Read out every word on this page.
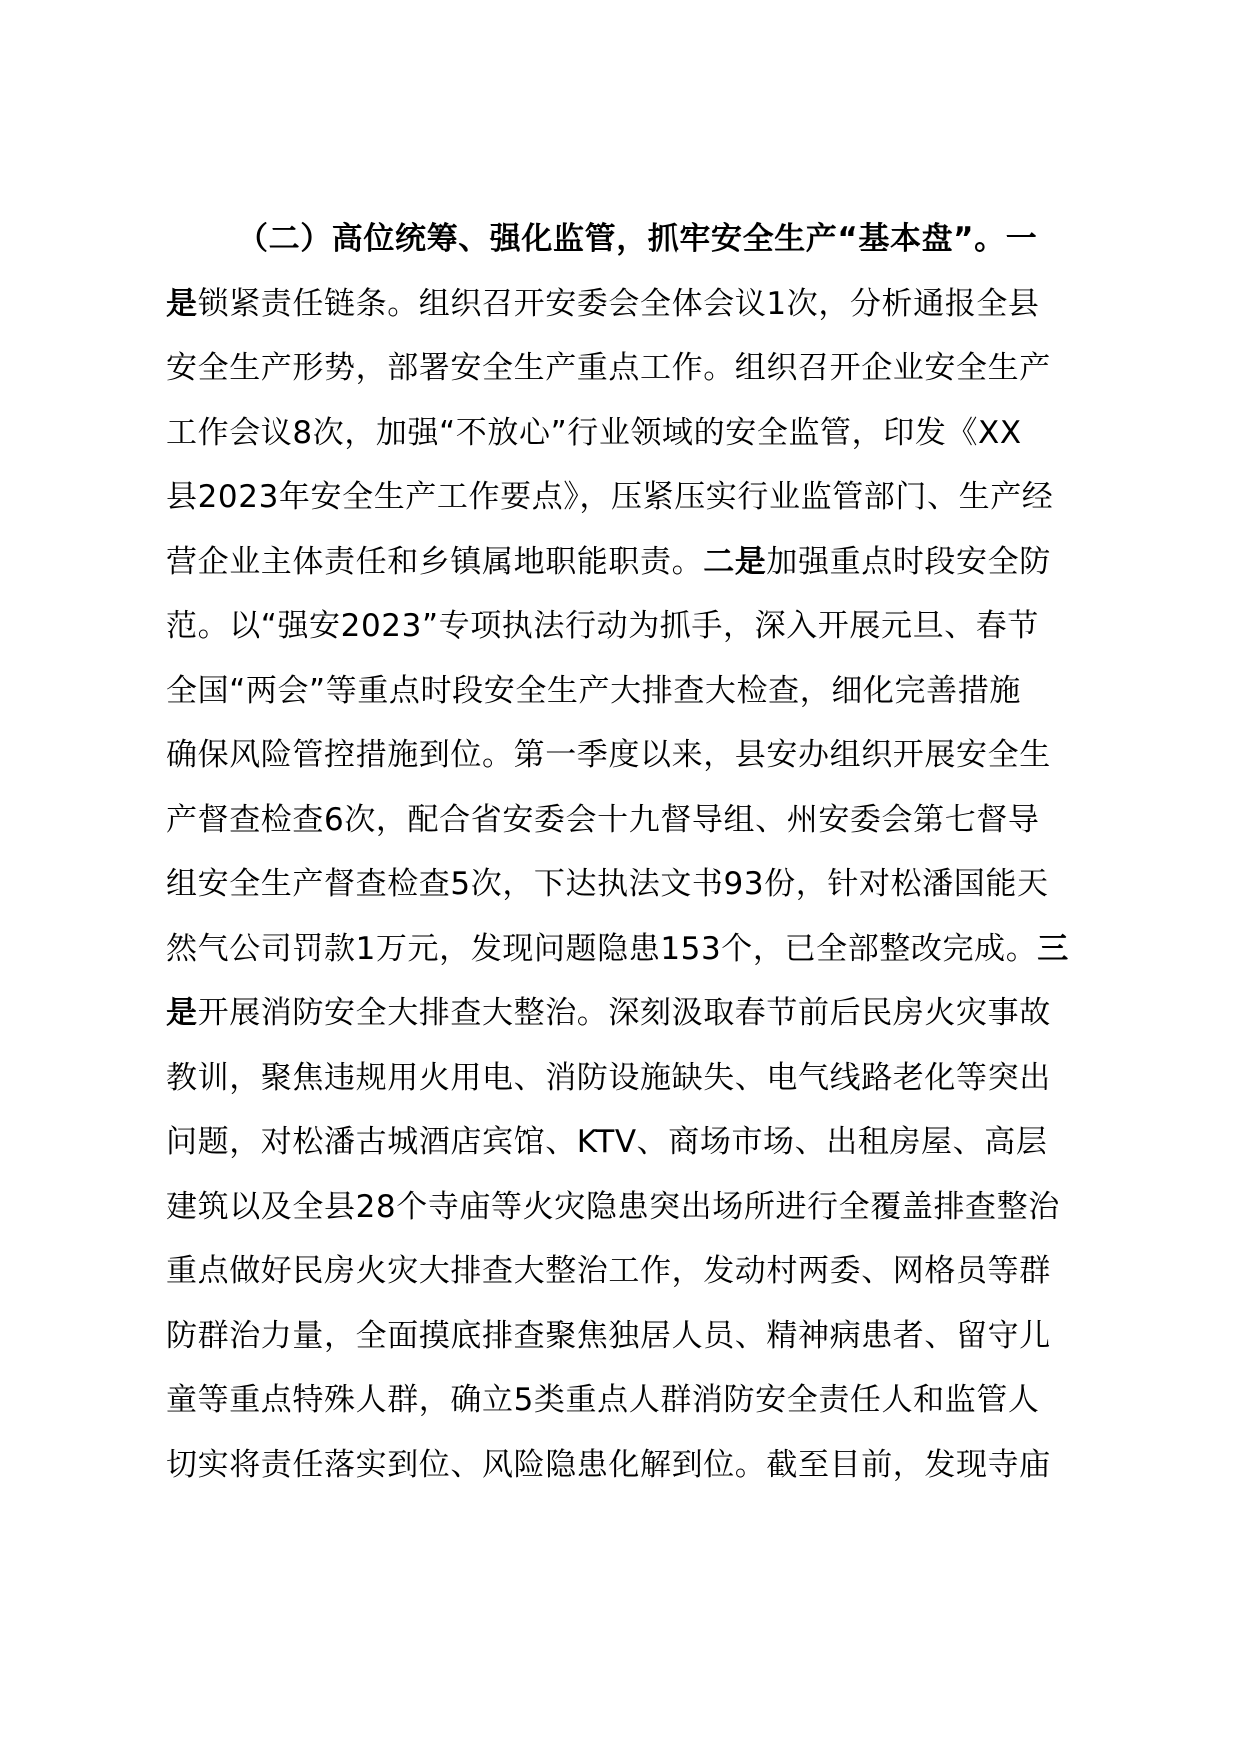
（二）高位统筹、强化监管，抓牢安全生产“基本盘”。一
是锁紧责任链条。组织召开安委会全体会议1次，分析通报全县
安全生产形势，部署安全生产重点工作。组织召开企业安全生产
工作会议8次，加强“不放心”行业领域的安全监管，印发《XX
县2023年安全生产工作要点》，压紧压实行业监管部门、生产经
营企业主体责任和乡镇属地职能职责。二是加强重点时段安全防
范。以“强安2023”专项执法行动为抓手，深入开展元旦、春节
全国“两会”等重点时段安全生产大排查大检查，细化完善措施
确保风险管控措施到位。第一季度以来，县安办组织开展安全生
产督查检查6次，配合省安委会十九督导组、州安委会第七督导
组安全生产督查检查5次，下达执法文书93份，针对松潘国能天
然气公司罚款1万元，发现问题隐患153个，已全部整改完成。三
是开展消防安全大排查大整治。深刻汲取春节前后民房火灾事故
教训，聚焦违规用火用电、消防设施缺失、电气线路老化等突出
问题，对松潘古城酒店宾馆、KTV、商场市场、出租房屋、高层
建筑以及全县28个寺庙等火灾隐患突出场所进行全覆盖排查整治
重点做好民房火灾大排查大整治工作，发动村两委、网格员等群
防群治力量，全面摸底排查聚焦独居人员、精神病患者、留守儿
童等重点特殊人群，确立5类重点人群消防安全责任人和监管人
切实将责任落实到位、风险隐患化解到位。截至目前，发现寺庙
